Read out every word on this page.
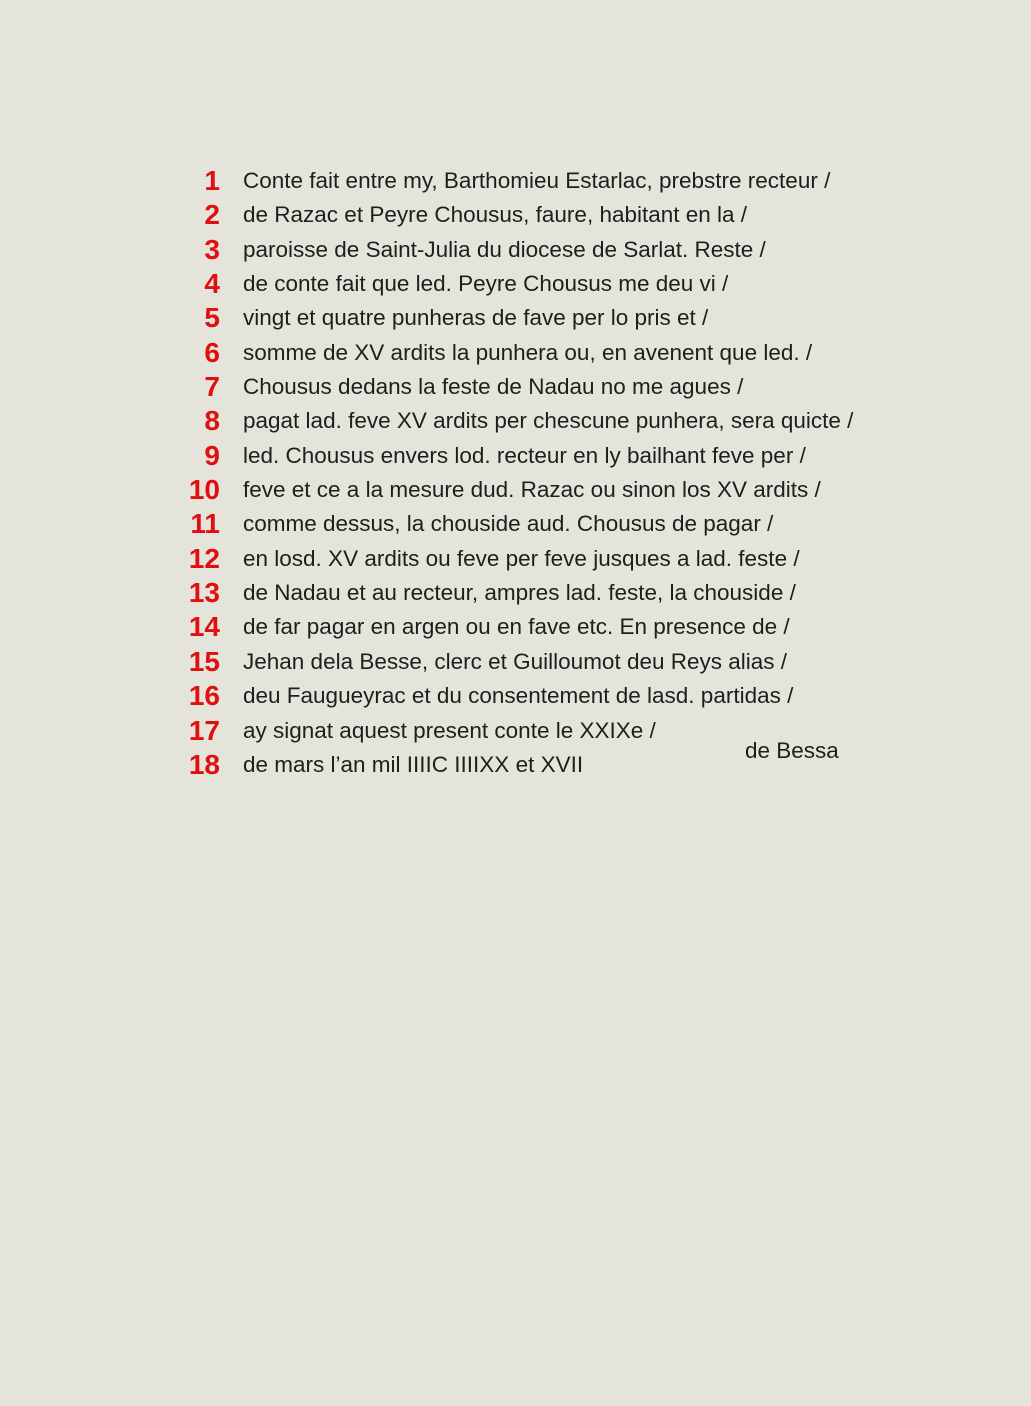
1 Conte fait entre my, Barthomieu Estarlac, prebstre recteur /
2 de Razac et Peyre Chousus, faure, habitant en la /
3 paroisse de Saint-Julia du diocese de Sarlat. Reste /
4 de conte fait que led. Peyre Chousus me deu vi /
5 vingt et quatre punheras de fave per lo pris et /
6 somme de XV ardits la punhera ou, en avenent que led. /
7 Chousus dedans la feste de Nadau no me agues /
8 pagat lad. feve XV ardits per chescune punhera, sera quicte /
9 led. Chousus envers lod. recteur en ly bailhant feve per /
10 feve et ce a la mesure dud. Razac ou sinon los XV ardits /
11 comme dessus, la chouside aud. Chousus de pagar /
12 en losd. XV ardits ou feve per feve jusques a lad. feste /
13 de Nadau et au recteur, ampres lad. feste, la chouside /
14 de far pagar en argen ou en fave etc. En presence de /
15 Jehan dela Besse, clerc et Guilloumot deu Reys alias /
16 deu Faugueyrac et du consentement de lasd. partidas /
17 ay signat aquest present conte le XXIXe /
18 de mars l’an mil IIIIC IIIIXX et XVII
de Bessa
